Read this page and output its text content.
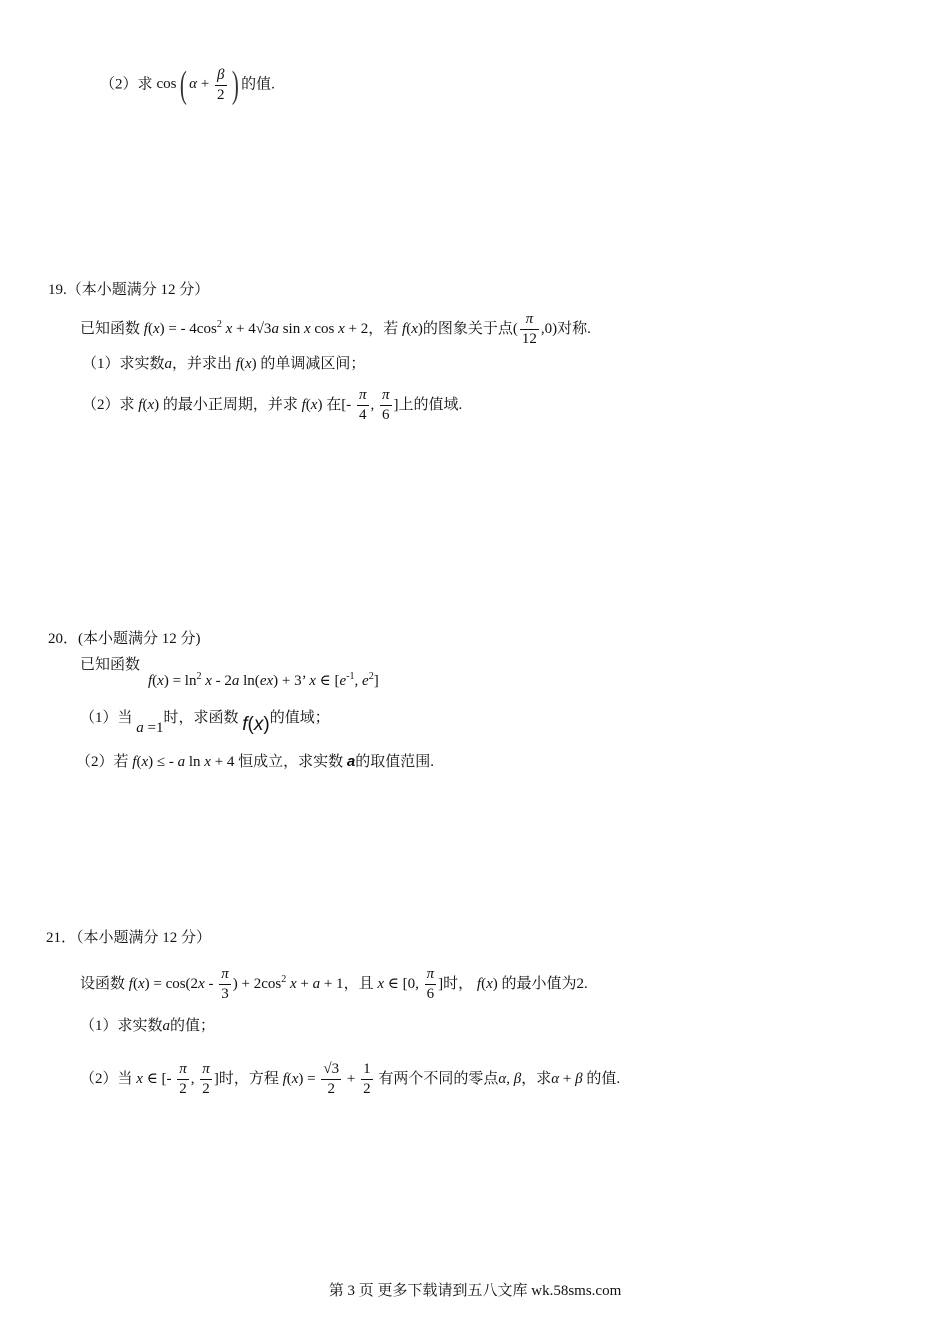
（2）求 cos( $\alpha + \frac{\beta}{2}$ ) 的值.
19.（本小题满分 12 分）
已知函数 f(x) = - $4\cos^2$ x + 4√3a sin x cos x + 2，若 f(x)的图象关于点( $\frac{\pi}{12} ,0$)对称.
（1）求实数a，并求出 f(x) 的单调减区间；
（2）求 f(x) 的最小正周期，并求 f(x) 在[- $\frac{\pi}{4}$ , $\frac{\pi}{6}$ ]上的值域.
20．(本小题满分 12 分)
已知函数
$f(x) = \ln^2 x - 2a$ ln(ex) + 3’ x ∈ [$e^{-1}$, $e^2$]
（1）当 a =1时，求函数 f(x)的值域；
（2）若 f(x) ≤ - a ln x + 4 恒成立，求实数 a的取值范围.
21．（本小题满分 12 分）
设函数 $f(x) = \cos(2x - \frac{\pi}{3}$ ) + $2\cos^2$ x + a + 1，且 x ∈ [0, $\frac{\pi}{6}$ ]时， f(x) 的最小值为2.
（1）求实数a的值；
（2）当 x ∈ [- $\frac{\pi}{2}$ , $\frac{\pi}{2}$ ]时，方程 $f(x) = \frac{√3}{2} + \frac{1}{2}$ 有两个不同的零点α, β，求α + β 的值.
第 3 页 更多下载请到五八文库 wk.58sms.com
